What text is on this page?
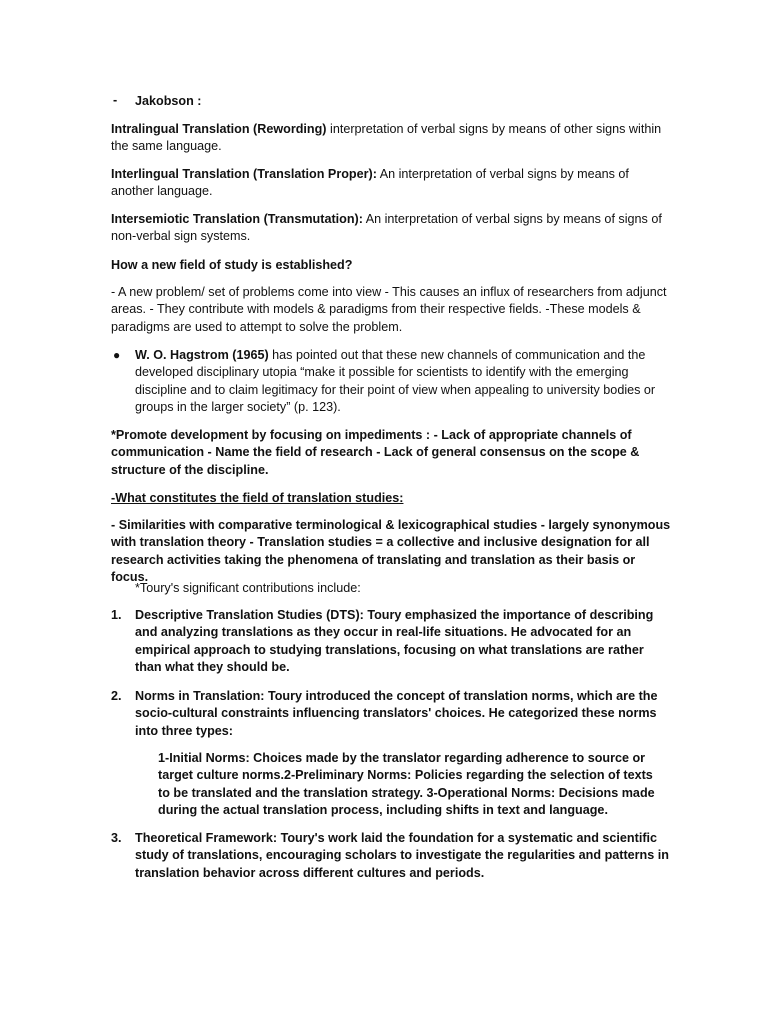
- Jakobson :

Intralingual Translation (Rewording) interpretation of verbal signs by means of other signs within the same language.

Interlingual Translation (Translation Proper): An interpretation of verbal signs by means of another language.

Intersemiotic Translation (Transmutation): An interpretation of verbal signs by means of signs of non-verbal sign systems.

How a new field of study is established?

- A new problem/ set of problems come into view - This causes an influx of researchers from adjunct areas. - They contribute with models & paradigms from their respective fields. -These models & paradigms are used to attempt to solve the problem.

● W. O. Hagstrom (1965) has pointed out that these new channels of communication and the developed disciplinary utopia “make it possible for scientists to identify with the emerging discipline and to claim legitimacy for their point of view when appealing to university bodies or groups in the larger society” (p. 123).

*Promote development by focusing on impediments : - Lack of appropriate channels of communication - Name the field of research - Lack of general consensus on the scope & structure of the discipline.

-What constitutes the field of translation studies:

- Similarities with comparative terminological & lexicographical studies - largely synonymous with translation theory - Translation studies = a collective and inclusive designation for all research activities taking the phenomena of translating and translation as their basis or focus.

*Toury's significant contributions include:

1. Descriptive Translation Studies (DTS): Toury emphasized the importance of describing and analyzing translations as they occur in real-life situations. He advocated for an empirical approach to studying translations, focusing on what translations are rather than what they should be.

2. Norms in Translation: Toury introduced the concept of translation norms, which are the socio-cultural constraints influencing translators' choices. He categorized these norms into three types:

1-Initial Norms: Choices made by the translator regarding adherence to source or target culture norms.2-Preliminary Norms: Policies regarding the selection of texts to be translated and the translation strategy. 3-Operational Norms: Decisions made during the actual translation process, including shifts in text and language.

3. Theoretical Framework: Toury's work laid the foundation for a systematic and scientific study of translations, encouraging scholars to investigate the regularities and patterns in translation behavior across different cultures and periods.
